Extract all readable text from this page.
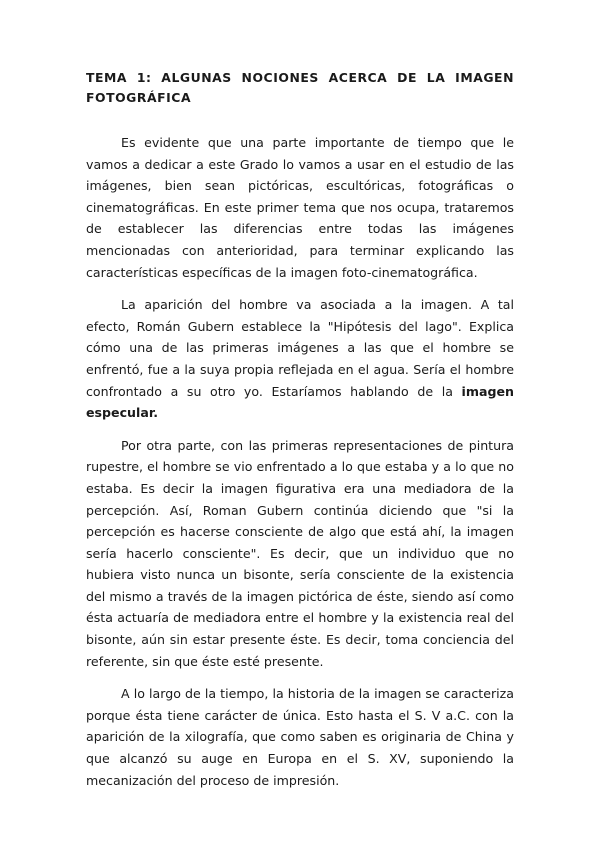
TEMA 1: ALGUNAS NOCIONES ACERCA DE LA IMAGEN FOTOGRÁFICA

Es evidente que una parte importante de tiempo que le vamos a dedicar a este Grado lo vamos a usar en el estudio de las imágenes, bien sean pictóricas, escultóricas, fotográficas o cinematográficas. En este primer tema que nos ocupa, trataremos de establecer las diferencias entre todas las imágenes mencionadas con anterioridad, para terminar explicando las características específicas de la imagen foto-cinematográfica.

La aparición del hombre va asociada a la imagen. A tal efecto, Román Gubern establece la "Hipótesis del lago". Explica cómo una de las primeras imágenes a las que el hombre se enfrentó, fue a la suya propia reflejada en el agua. Sería el hombre confrontado a su otro yo. Estaríamos hablando de la imagen especular.

Por otra parte, con las primeras representaciones de pintura rupestre, el hombre se vio enfrentado a lo que estaba y a lo que no estaba. Es decir la imagen figurativa era una mediadora de la percepción. Así, Roman Gubern continúa diciendo que "si la percepción es hacerse consciente de algo que está ahí, la imagen sería hacerlo consciente". Es decir, que un individuo que no hubiera visto nunca un bisonte, sería consciente de la existencia del mismo a través de la imagen pictórica de éste, siendo así como ésta actuaría de mediadora entre el hombre y la existencia real del bisonte, aún sin estar presente éste. Es decir, toma conciencia del referente, sin que éste esté presente.

A lo largo de la tiempo, la historia de la imagen se caracteriza porque ésta tiene carácter de única. Esto hasta el S. V a.C. con la aparición de la xilografía, que como saben es originaria de China y que alcanzó su auge en Europa en el S. XV, suponiendo la mecanización del proceso de impresión.
